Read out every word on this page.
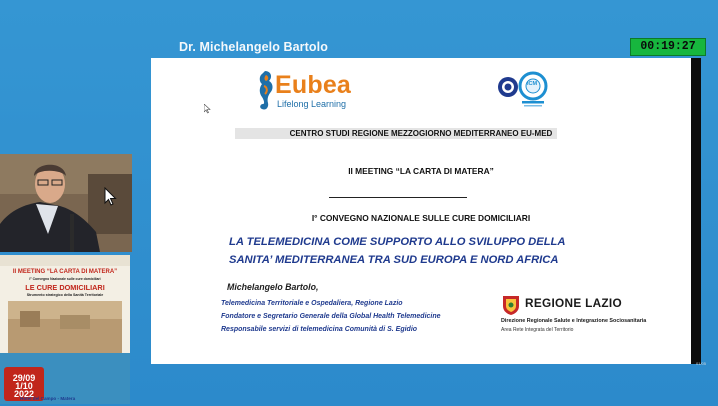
Dr. Michelangelo Bartolo	00:19:27
Eubea
Lifelong Learning
ICM
CENTRO STUDI REGIONE MEZZOGIORNO MEDITERRANEO EU-MED
II MEETING “LA CARTA DI MATERA”
I° CONVEGNO NAZIONALE SULLE CURE DOMICILIARI
LA TELEMEDICINA COME SUPPORTO ALLO SVILUPPO DELLA
SANITA’ MEDITERRANEA TRA SUD EUROPA E NORD AFRICA
Michelangelo Bartolo,
Telemedicina Territoriale e Ospedaliera, Regione Lazio
Fondatore e Segretario Generale della Global Health Telemedicine
Responsabile servizi di telemedicina Comunità di S. Egidio
REGIONE LAZIO
Direzione Regionale Salute e Integrazione Sociosanitaria
Area Rete Integrata del Territorio
01/05
II MEETING “LA CARTA DI MATERA”
I° Convegno Nazionale sulle cure domiciliari
LE CURE DOMICILIARI
Strumento strategico della Sanità Territoriale
29/09
1/10
2022
Hotel del Campo - Matera
